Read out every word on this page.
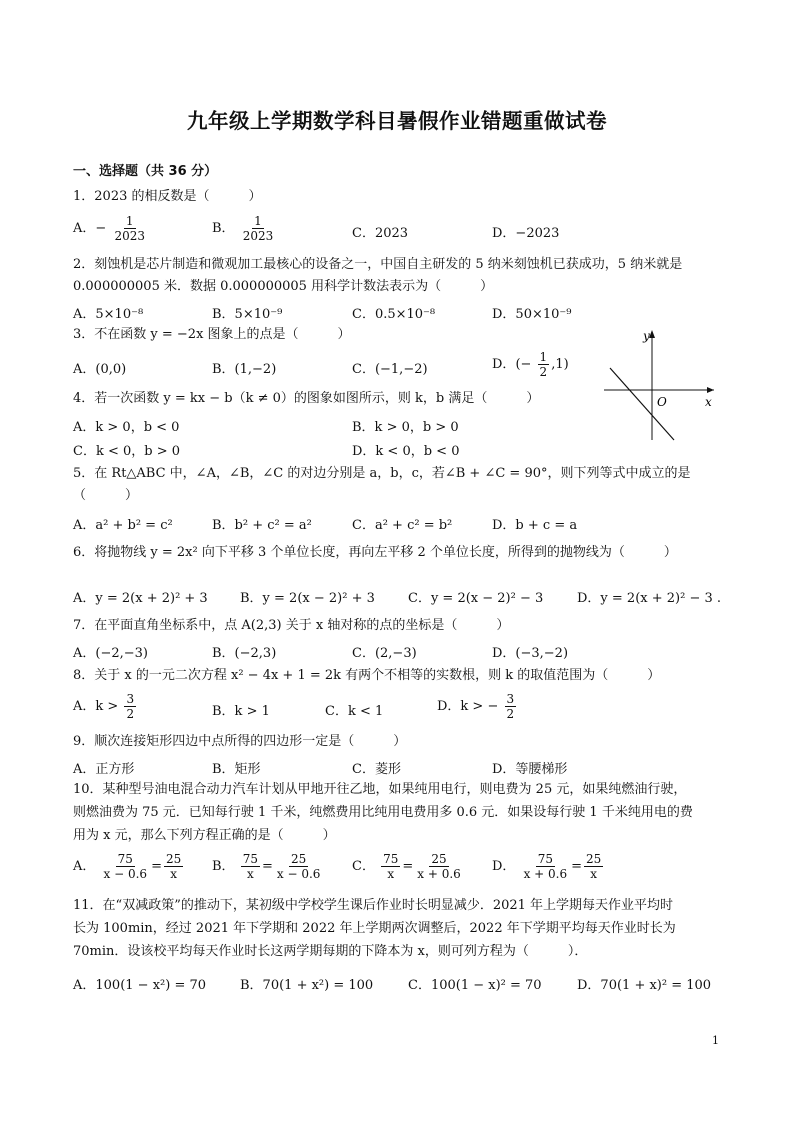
九年级上学期数学科目暑假作业错题重做试卷
一、选择题（共 36 分）
1．2023 的相反数是（　　　）
A．− $\frac{1}{2023}$	B． $\frac{1}{2023}$	C．2023	D．−2023
2．刻蚀机是芯片制造和微观加工最核心的设备之一，中国自主研发的 5 纳米刻蚀机已获成功，5 纳米就是
0.000000005 米．数据 0.000000005 用科学计数法表示为（　　　）
A．5×10⁻⁸	B．5×10⁻⁹	C．0.5×10⁻⁸	D．50×10⁻⁹
3．不在函数 y = −2x 图象上的点是（　　　）
A．(0,0)	B．(1,−2)	C．(−1,−2)	D．(− $\frac{1}{2} ,1$)
4．若一次函数 y = kx − b（k ≠ 0）的图象如图所示，则 k，b 满足（　　　）
A．k > 0，b < 0	B．k > 0，b > 0
C．k < 0，b > 0	D．k < 0，b < 0
y
x
O
5．在 Rt△ABC 中，∠A，∠B，∠C 的对边分别是 a，b，c，若∠B + ∠C = 90°，则下列等式中成立的是
（　　　）
A．a² + b² = c²	B．b² + c² = a²	C．a² + c² = b²	D．b + c = a
6．将抛物线 y = 2x² 向下平移 3 个单位长度，再向左平移 2 个单位长度，所得到的抛物线为（　　　）
A．y = 2(x + 2)² + 3 B．y = 2(x − 2)² + 3	C．y = 2(x − 2)² − 3	D．y = 2(x + 2)² − 3 .
7．在平面直角坐标系中，点 A(2,3) 关于 x 轴对称的点的坐标是（　　　）
A．(−2,−3)	B．(−2,3)	C．(2,−3)	D．(−3,−2)
8．关于 x 的一元二次方程 x² − 4x + 1 = 2k 有两个不相等的实数根，则 k 的取值范围为（　　　）
A．$k > \frac{3}{2}$	B．k > 1	C．k < 1	D．k > − $\frac{3}{2}$
9．顺次连接矩形四边中点所得的四边形一定是（　　　）
A．正方形	B．矩形	C．菱形	D．等腰梯形
10．某种型号油电混合动力汽车计划从甲地开往乙地，如果纯用电行，则电费为 25 元，如果纯燃油行驶，
则燃油费为 75 元．已知每行驶 1 千米，纯燃费用比纯用电费用多 0.6 元．如果设每行驶 1 千米纯用电的费
用为 x 元，那么下列方程正确的是（　　　）
A． $\frac{75}{x - 0.6} = \frac{25}{x}$ B． $\frac{75}{x} = \frac{25}{x - 0.6}$ C． $\frac{75}{x} = \frac{25}{x + 0.6}$ D． $\frac{75}{x + 0.6} = \frac{25}{x}$
11．在“双减政策”的推动下，某初级中学校学生课后作业时长明显减少．2021 年上学期每天作业平均时
长为 100min，经过 2021 年下学期和 2022 年上学期两次调整后，2022 年下学期平均每天作业时长为
70min．设该校平均每天作业时长这两学期每期的下降本为 x，则可列方程为（　　　）．
A．100(1 − x²) = 70	B．70(1 + x²) = 100	C．100(1 − x)² = 70	D．70(1 + x)² = 100
1
